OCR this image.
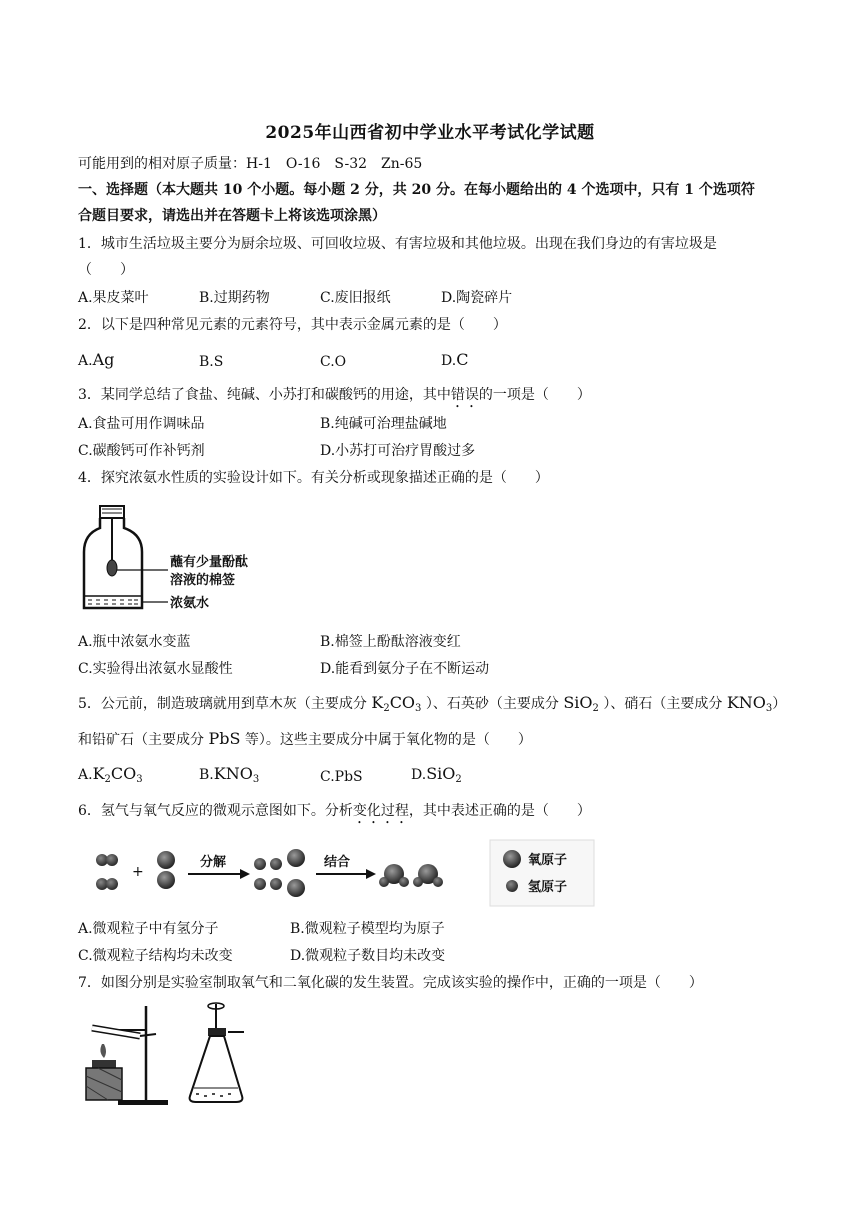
2025年山西省初中学业水平考试化学试题
可能用到的相对原子质量：H-1　O-16　S-32　Zn-65
一、选择题（本大题共 10 个小题。每小题 2 分，共 20 分。在每小题给出的 4 个选项中，只有 1 个选项符
合题目要求，请选出并在答题卡上将该选项涂黑）
1．城市生活垃圾主要分为厨余垃圾、可回收垃圾、有害垃圾和其他垃圾。出现在我们身边的有害垃圾是
（　　）
A.果皮菜叶	B.过期药物	C.废旧报纸	D.陶瓷碎片
2．以下是四种常见元素的元素符号，其中表示金属元素的是（　　）
A.Ag	B.S	C.O	D.C
3．某同学总结了食盐、纯碱、小苏打和碳酸钙的用途，其中错误的一项是（　　）
A.食盐可用作调味品	B.纯碱可治理盐碱地
C.碳酸钙可作补钙剂	D.小苏打可治疗胃酸过多
4．探究浓氨水性质的实验设计如下。有关分析或现象描述正确的是（　　）
蘸有少量酚酞
溶液的棉签
浓氨水
A.瓶中浓氨水变蓝	B.棉签上酚酞溶液变红
C.实验得出浓氨水显酸性	D.能看到氨分子在不断运动
5．公元前，制造玻璃就用到草木灰（主要成分 $K_2CO_3$ ）、石英砂（主要成分 SiO$_2$ ）、硝石（主要成分 $KNO_3$）
和铅矿石（主要成分 PbS 等）。这些主要成分中属于氧化物的是（　　）
$A.K_2CO_3$	$B.KNO_3$	C.PbS	D.SiO$_2$
6．氢气与氧气反应的微观示意图如下。分析变化过程，其中表述正确的是（　　）
+
分解	结合	氧原子
氢原子
A.微观粒子中有氢分子	B.微观粒子模型均为原子
C.微观粒子结构均未改变	D.微观粒子数目均未改变
7．如图分别是实验室制取氧气和二氧化碳的发生装置。完成该实验的操作中，正确的一项是（　　）
